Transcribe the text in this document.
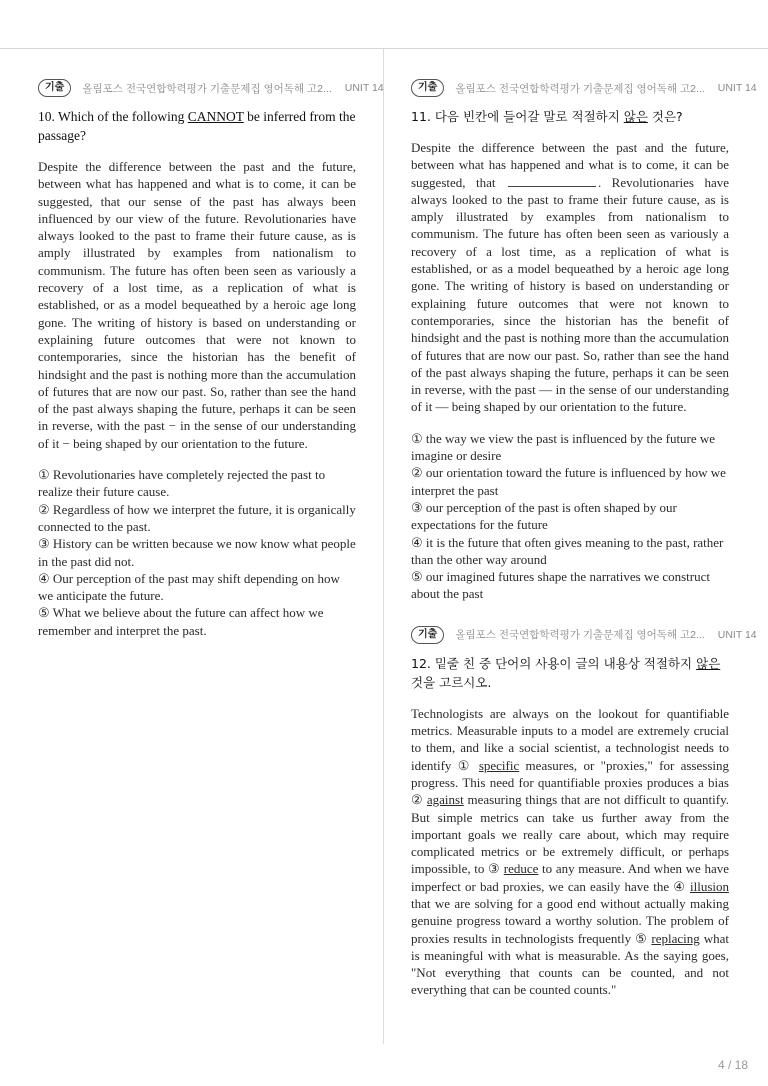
기출	올림포스 전국연합학력평가 기출문제집 영어독해 고2... UNIT 14
10. Which of the following CANNOT be inferred from the passage?

Despite the difference between the past and the future, between what has happened and what is to come, it can be suggested, that our sense of the past has always been influenced by our view of the future. Revolutionaries have always looked to the past to frame their future cause, as is amply illustrated by examples from nationalism to communism. The future has often been seen as variously a recovery of a lost time, as a replication of what is established, or as a model bequeathed by a heroic age long gone. The writing of history is based on understanding or explaining future outcomes that were not known to contemporaries, since the historian has the benefit of hindsight and the past is nothing more than the accumulation of futures that are now our past. So, rather than see the hand of the past always shaping the future, perhaps it can be seen in reverse, with the past − in the sense of our understanding of it − being shaped by our orientation to the future.

① Revolutionaries have completely rejected the past to realize their future cause.

② Regardless of how we interpret the future, it is organically connected to the past.

③ History can be written because we now know what people in the past did not.

④ Our perception of the past may shift depending on how we anticipate the future.

⑤ What we believe about the future can affect how we remember and interpret the past.

기출	올림포스 전국연합학력평가 기출문제집 영어독해 고2... UNIT 14
11. 다음 빈칸에 들어갈 말로 적절하지 않은 것은?

Despite the difference between the past and the future, between what has happened and what is to come, it can be suggested, that	. Revolutionaries have always looked to the past to frame their future cause, as is amply illustrated by examples from nationalism to communism. The future has often been seen as variously a recovery of a lost time, as a replication of what is established, or as a model bequeathed by a heroic age long gone. The writing of history is based on understanding or explaining future outcomes that were not known to contemporaries, since the historian has the benefit of hindsight and the past is nothing more than the accumulation of futures that are now our past. So, rather than see the hand of the past always shaping the future, perhaps it can be seen in reverse, with the past — in the sense of our understanding of it — being shaped by our orientation to the future.

① the way we view the past is influenced by the future we imagine or desire

② our orientation toward the future is influenced by how we interpret the past

③ our perception of the past is often shaped by our expectations for the future

④ it is the future that often gives meaning to the past, rather than the other way around

⑤ our imagined futures shape the narratives we construct about the past

기출	올림포스 전국연합학력평가 기출문제집 영어독해 고2... UNIT 14
12. 밑줄 친 중 단어의 사용이 글의 내용상 적절하지 않은 것을 고르시오.

Technologists are always on the lookout for quantifiable metrics. Measurable inputs to a model are extremely crucial to them, and like a social scientist, a technologist needs to identify ① specific measures, or "proxies," for assessing progress. This need for quantifiable proxies produces a bias ② against measuring things that are not difficult to quantify. But simple metrics can take us further away from the important goals we really care about, which may require complicated metrics or be extremely difficult, or perhaps impossible, to ③ reduce to any measure. And when we have imperfect or bad proxies, we can easily have the ④ illusion that we are solving for a good end without actually making genuine progress toward a worthy solution. The problem of proxies results in technologists frequently ⑤ replacing what is meaningful with what is measurable. As the saying goes, "Not everything that counts can be counted, and not everything that can be counted counts."

4 / 18
